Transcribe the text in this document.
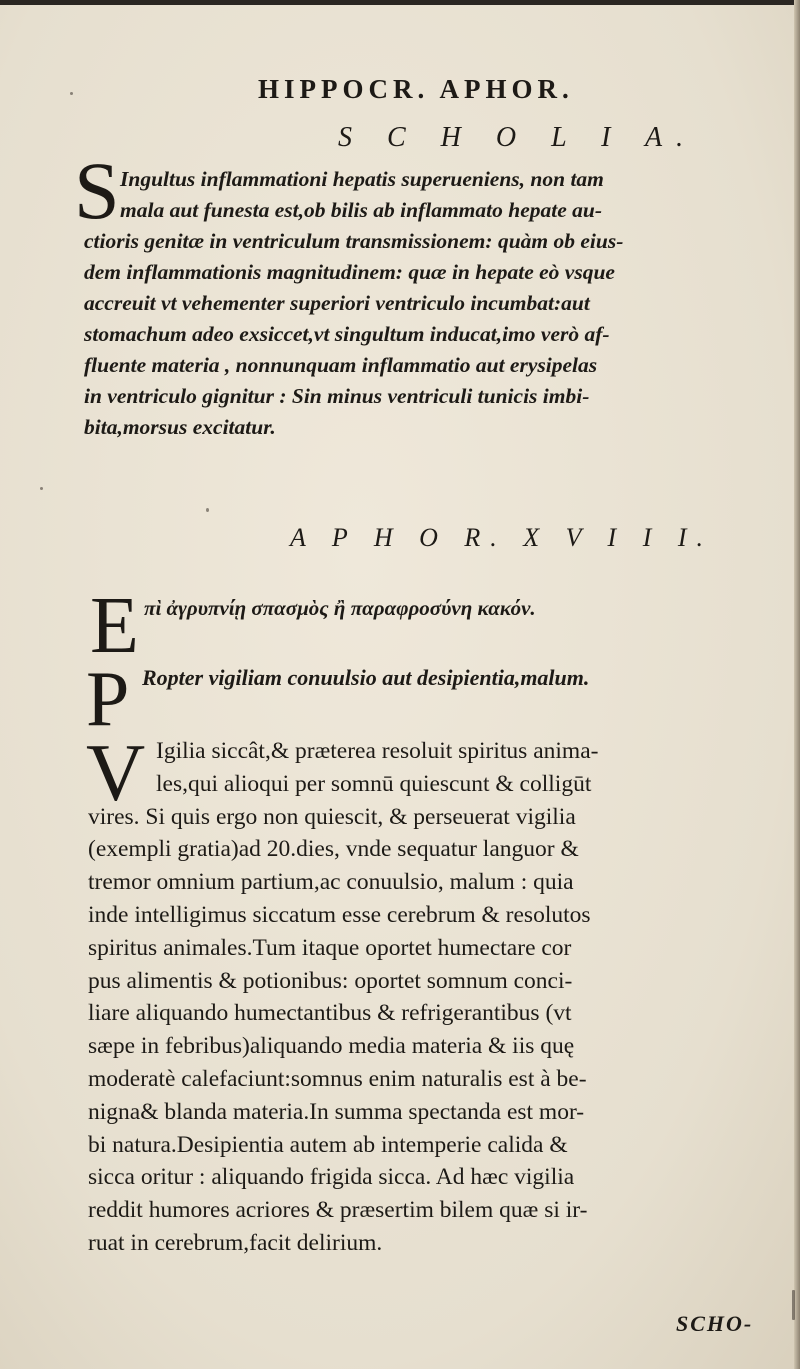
HIPPOCR. APHOR.
S C H O L I A.
S Ingultus inflammationi hepatis superueniens, non tam
mala aut funesta est,ob bilis ab inflammato hepate au-
ctioris genitæ in ventriculum transmissionem: quàm ob eius-
dem inflammationis magnitudinem: quæ in hepate eò vsque
accreuit vt vehementer superiori ventriculo incumbat:aut
stomachum adeo exsiccet,vt singultum inducat,imo verò af-
fluente materia , nonnunquam inflammatio aut erysipelas
in ventriculo gignitur : Sin minus ventriculi tunicis imbi-
bita,morsus excitatur.
A P H O R. X V I I I.
E πὶ ἀγρυπνίῃ σπασμὸς ἢ παραφροσύνη κακόν.
P Ropter vigiliam conuulsio aut desipientia,malum.
V Igilia siccât,& præterea resoluit spiritus anima-
les,qui alioqui per somnū quiescunt & colligūt
vires. Si quis ergo non quiescit, & perseuerat vigilia
(exempli gratia)ad 20.dies, vnde sequatur languor &
tremor omnium partium,ac conuulsio, malum : quia
inde intelligimus siccatum esse cerebrum & resolutos
spiritus animales.Tum itaque oportet humectare cor
pus alimentis & potionibus: oportet somnum conci-
liare aliquando humectantibus & refrigerantibus (vt
sæpe in febribus)aliquando media materia & iis quę
moderatè calefaciunt:somnus enim naturalis est à be-
nigna& blanda materia.In summa spectanda est mor-
bi natura.Desipientia autem ab intemperie calida &
sicca oritur : aliquando frigida sicca. Ad hæc vigilia
reddit humores acriores & præsertim bilem quæ si ir-
ruat in cerebrum,facit delirium.
SCHO-
